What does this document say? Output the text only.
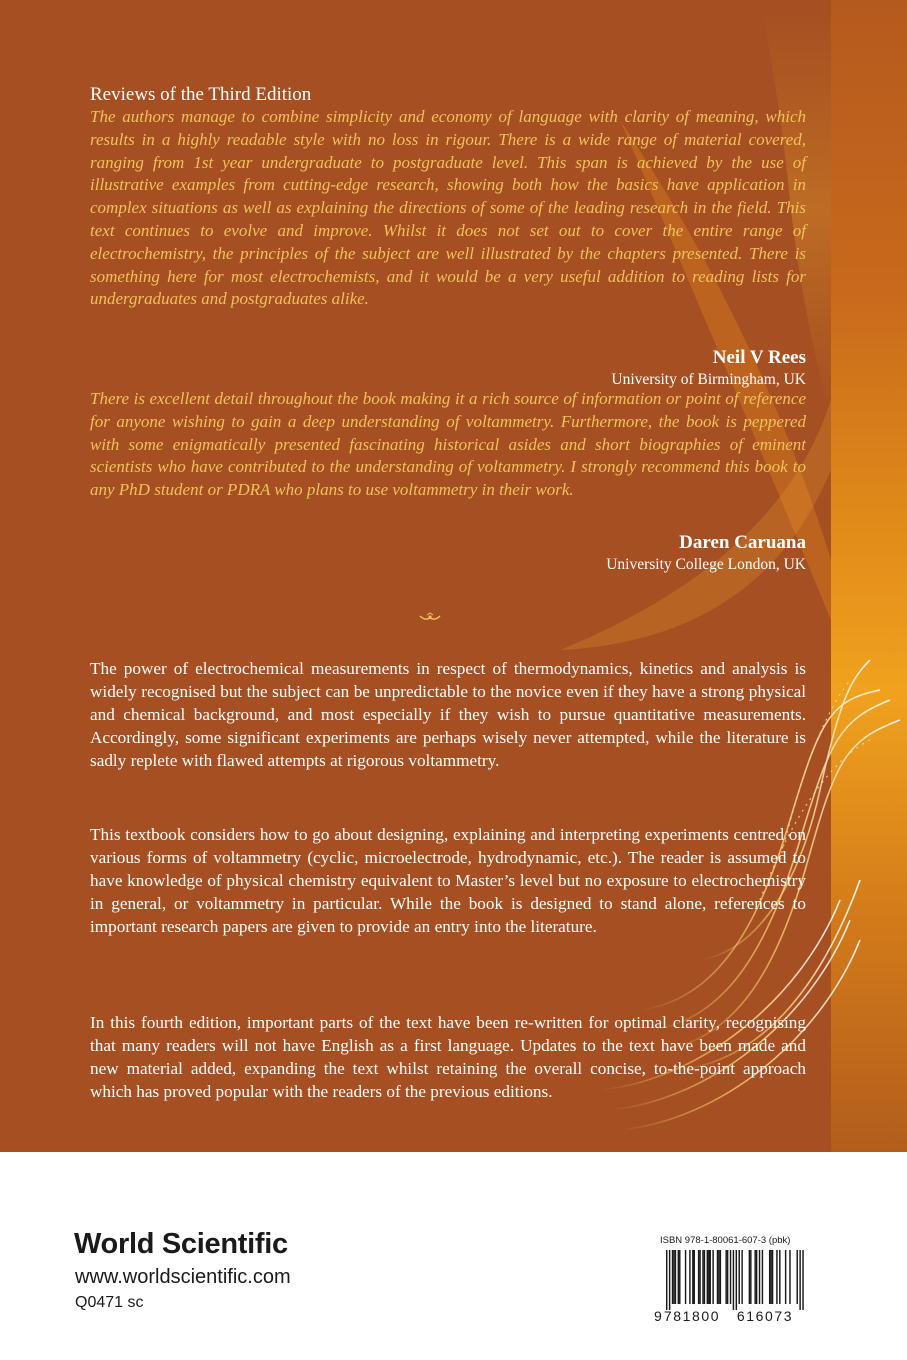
Reviews of the Third Edition

The authors manage to combine simplicity and economy of language with clarity of meaning, which results in a highly readable style with no loss in rigour. There is a wide range of material covered, ranging from 1st year undergraduate to postgraduate level. This span is achieved by the use of illustrative examples from cutting-edge research, showing both how the basics have application in complex situations as well as explaining the directions of some of the leading research in the field. This text continues to evolve and improve. Whilst it does not set out to cover the entire range of electrochemistry, the principles of the subject are well illustrated by the chapters presented. There is something here for most electrochemists, and it would be a very useful addition to reading lists for undergraduates and postgraduates alike.

Neil V Rees
University of Birmingham, UK

There is excellent detail throughout the book making it a rich source of information or point of reference for anyone wishing to gain a deep understanding of voltammetry. Furthermore, the book is peppered with some enigmatically presented fascinating historical asides and short biographies of eminent scientists who have contributed to the understanding of voltammetry. I strongly recommend this book to any PhD student or PDRA who plans to use voltammetry in their work.

Daren Caruana
University College London, UK

The power of electrochemical measurements in respect of thermodynamics, kinetics and analysis is widely recognised but the subject can be unpredictable to the novice even if they have a strong physical and chemical background, and most especially if they wish to pursue quantitative measurements. Accordingly, some significant experiments are perhaps wisely never attempted, while the literature is sadly replete with flawed attempts at rigorous voltammetry.

This textbook considers how to go about designing, explaining and interpreting experiments centred on various forms of voltammetry (cyclic, microelectrode, hydrodynamic, etc.). The reader is assumed to have knowledge of physical chemistry equivalent to Master’s level but no exposure to electrochemistry in general, or voltammetry in particular. While the book is designed to stand alone, references to important research papers are given to provide an entry into the literature.

In this fourth edition, important parts of the text have been re-written for optimal clarity, recognising that many readers will not have English as a first language. Updates to the text have been made and new material added, expanding the text whilst retaining the overall concise, to-the-point approach which has proved popular with the readers of the previous editions.

World Scientific
www.worldscientific.com
Q0471 sc
ISBN 978-1-80061-607-3 (pbk)
9 781800 616073
